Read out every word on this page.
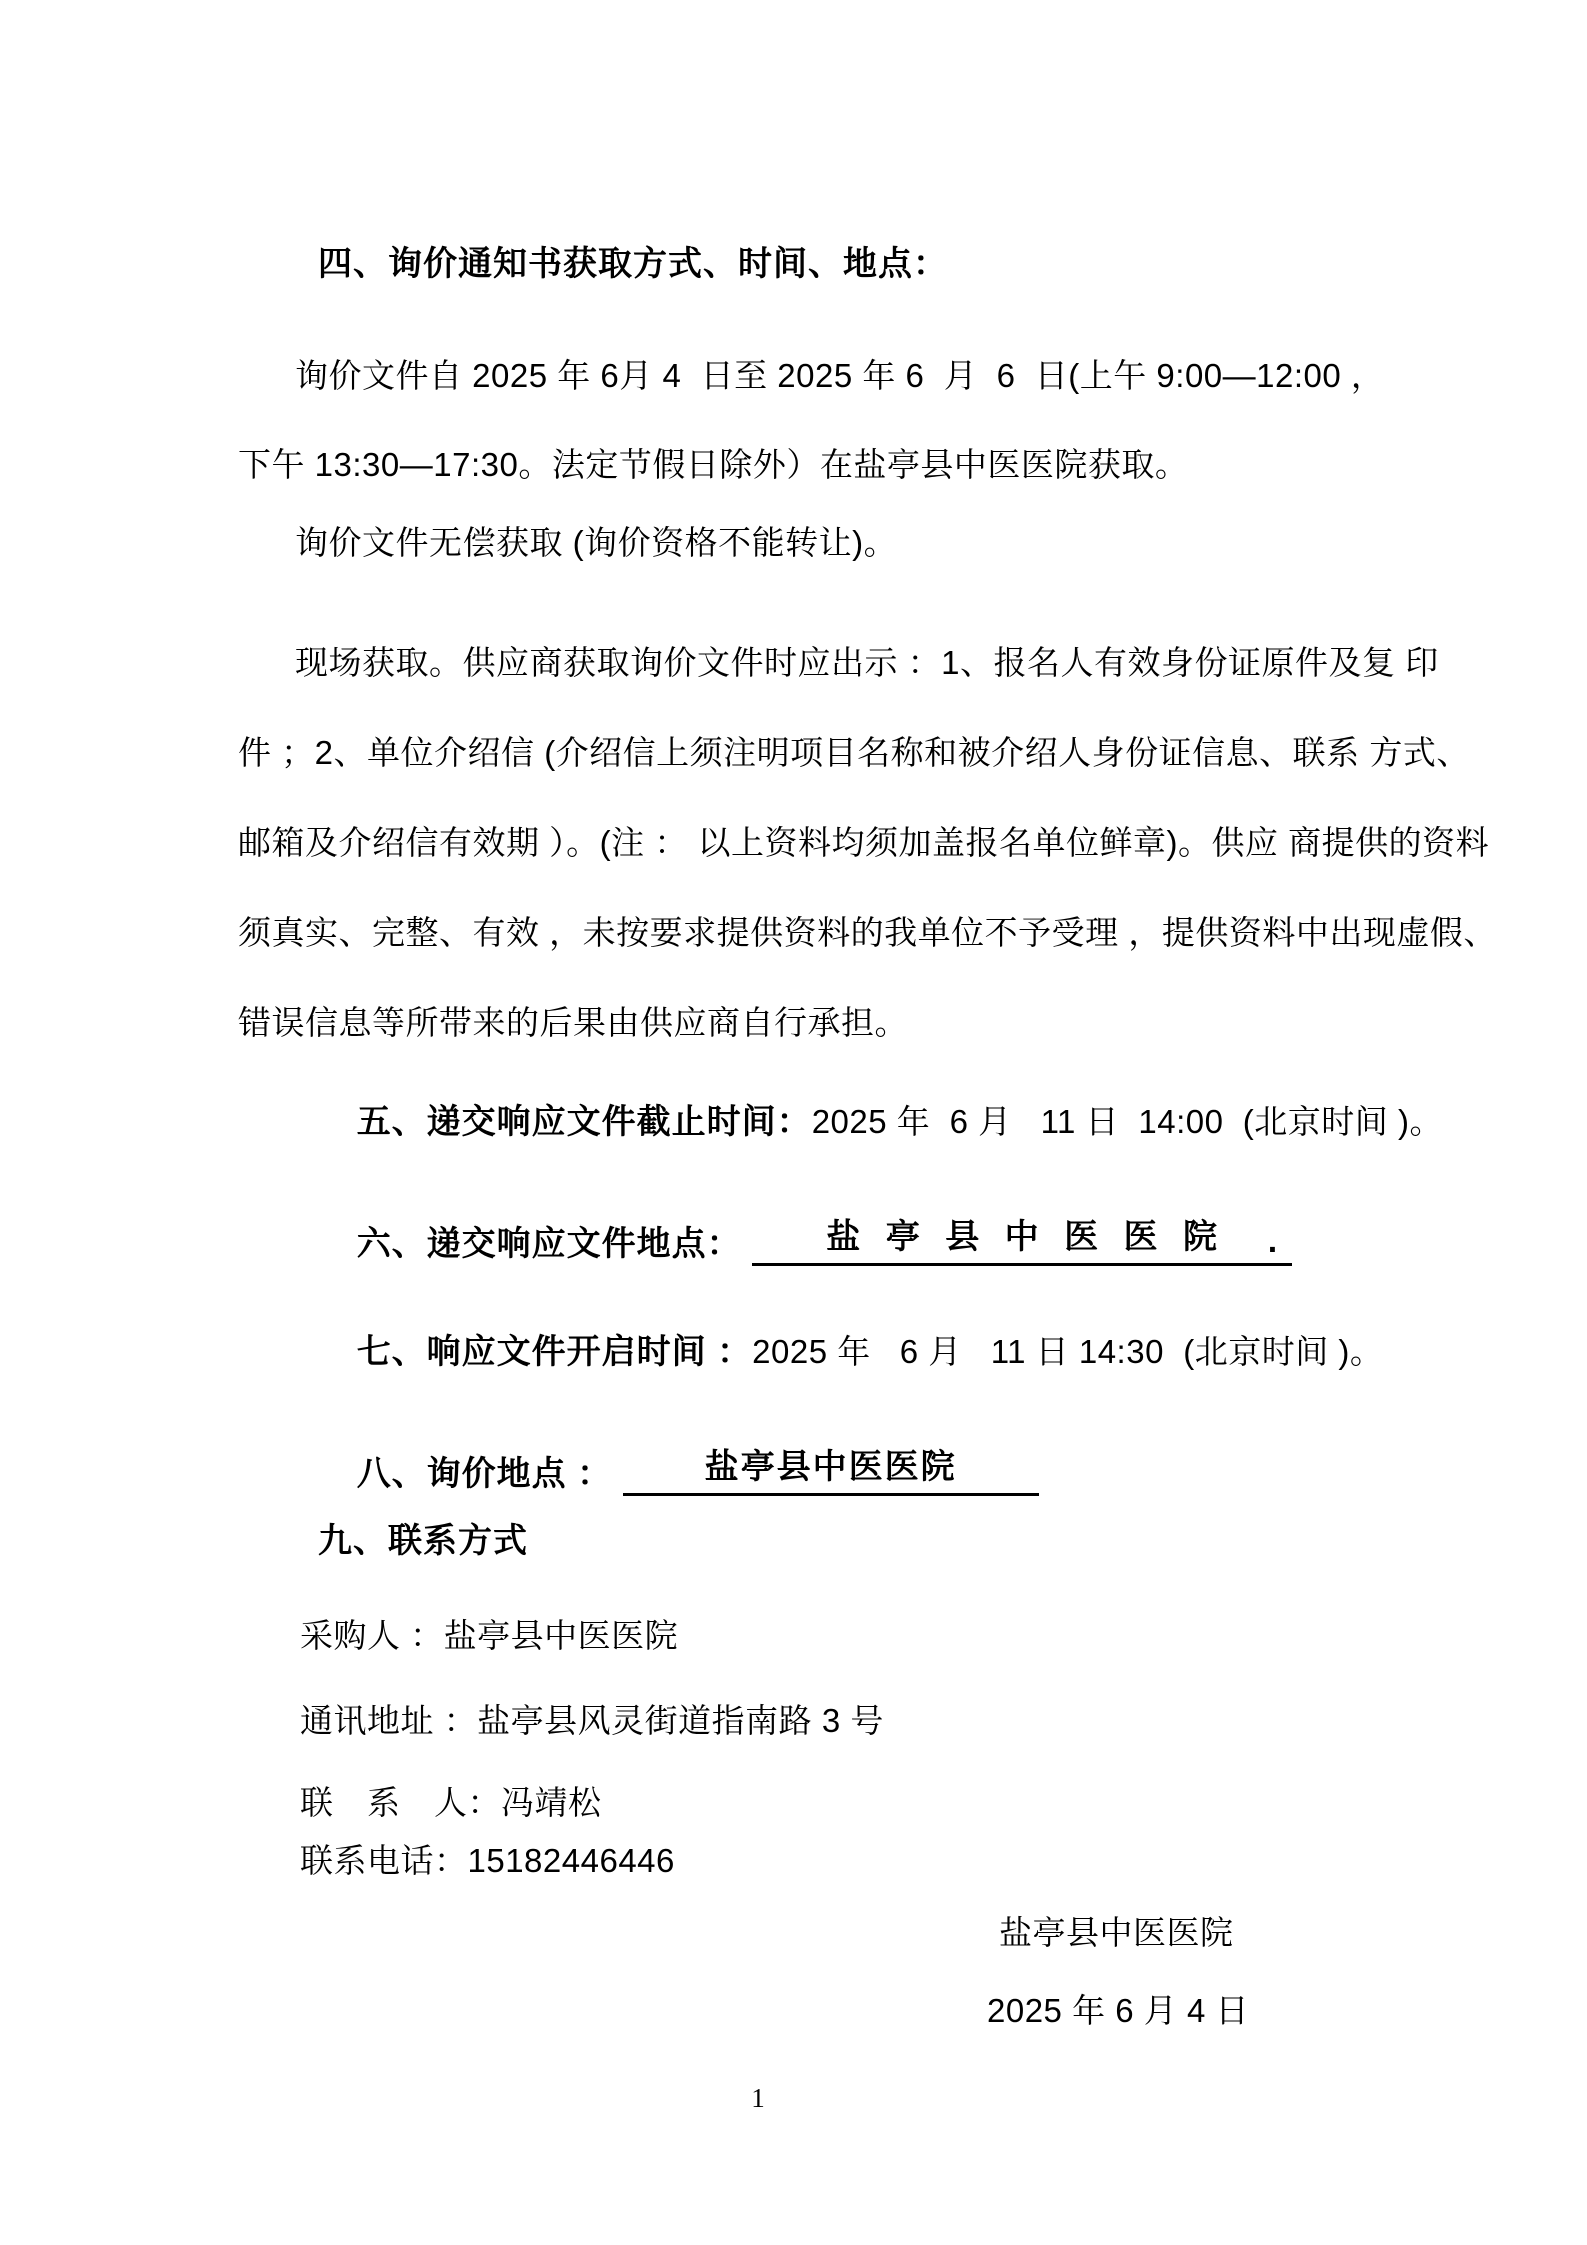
四、询价通知书获取方式、时间、地点：
询价文件自 2025 年 6月 4  日至 2025 年 6  月  6  日(上午 9:00—12:00 ，
下午 13:30—17:30。法定节假日除外）在盐亭县中医医院获取。
询价文件无偿获取 (询价资格不能转让)。
现场获取。供应商获取询价文件时应出示 ：1、报名人有效身份证原件及复 印
件 ；2、单位介绍信 (介绍信上须注明项目名称和被介绍人身份证信息、联系 方式、
邮箱及介绍信有效期 ）。(注 ： 以上资料均须加盖报名单位鲜章)。供应 商提供的资料
须真实、完整、有效 ，未按要求提供资料的我单位不予受理 ，提供资料中出现虚假、
错误信息等所带来的后果由供应商自行承担。

五、递交响应文件截止时间：2025 年  6 月   11 日  14:00  (北京时间 )。

六、递交响应文件地点： 盐 亭 县 中 医 医 院 .

七、响应文件开启时间 ：2025 年   6 月   11 日 14:30  (北京时间 )。

八、询价地点 ： 盐亭县中医医院

九、联系方式
采购人 ：盐亭县中医医院
通讯地址 ：盐亭县风灵街道指南路 3 号
联　系　人：冯靖松
联系电话：15182446446
盐亭县中医医院
2025 年 6 月 4 日
1
